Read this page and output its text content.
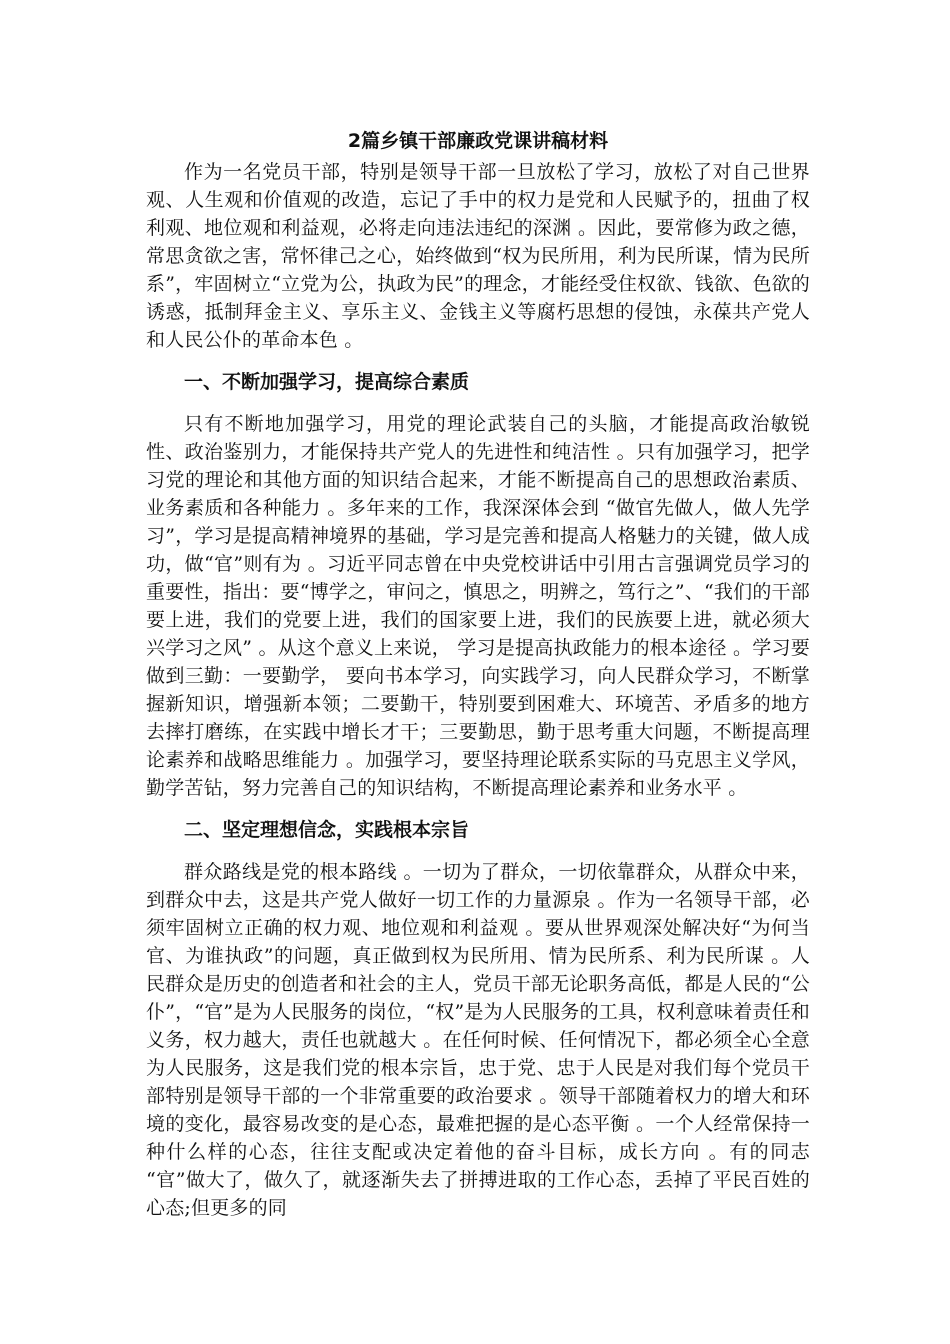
2篇乡镇干部廉政党课讲稿材料

作为一名党员干部，特别是领导干部一旦放松了学习，放松了对自己世界观、人生观和价值观的改造，忘记了手中的权力是党和人民赋予的，扭曲了权利观、地位观和利益观，必将走向违法违纪的深渊 。因此，要常修为政之德，常思贪欲之害，常怀律己之心，始终做到“权为民所用，利为民所谋，情为民所系”，牢固树立“立党为公，执政为民”的理念，才能经受住权欲、钱欲、色欲的诱惑，抵制拜金主义、享乐主义、金钱主义等腐朽思想的侵蚀，永葆共产党人和人民公仆的革命本色 。

一、不断加强学习，提高综合素质

只有不断地加强学习，用党的理论武装自己的头脑，才能提高政治敏锐性、政治鉴别力，才能保持共产党人的先进性和纯洁性 。只有加强学习，把学习党的理论和其他方面的知识结合起来，才能不断提高自己的思想政治素质、业务素质和各种能力 。多年来的工作，我深深体会到 “做官先做人，做人先学习”，学习是提高精神境界的基础，学习是完善和提高人格魅力的关键，做人成功，做“官”则有为 。习近平同志曾在中央党校讲话中引用古言强调党员学习的重要性，指出：要“博学之，审问之，慎思之，明辨之，笃行之”、“我们的干部要上进，我们的党要上进，我们的国家要上进，我们的民族要上进，就必须大兴学习之风” 。从这个意义上来说， 学习是提高执政能力的根本途径 。学习要做到三勤：一要勤学， 要向书本学习，向实践学习，向人民群众学习，不断掌握新知识，增强新本领；二要勤干，特别要到困难大、环境苦、矛盾多的地方去摔打磨练，在实践中增长才干；三要勤思，勤于思考重大问题，不断提高理论素养和战略思维能力 。加强学习，要坚持理论联系实际的马克思主义学风，勤学苦钻，努力完善自己的知识结构，不断提高理论素养和业务水平 。

二、坚定理想信念，实践根本宗旨

群众路线是党的根本路线 。一切为了群众，一切依靠群众，从群众中来，到群众中去，这是共产党人做好一切工作的力量源泉 。作为一名领导干部，必须牢固树立正确的权力观、地位观和利益观 。要从世界观深处解决好“为何当官、为谁执政”的问题，真正做到权为民所用、情为民所系、利为民所谋 。人民群众是历史的创造者和社会的主人，党员干部无论职务高低，都是人民的“公仆”，“官”是为人民服务的岗位，“权”是为人民服务的工具，权利意味着责任和义务，权力越大，责任也就越大 。在任何时候、任何情况下，都必须全心全意为人民服务，这是我们党的根本宗旨，忠于党、忠于人民是对我们每个党员干部特别是领导干部的一个非常重要的政治要求 。领导干部随着权力的增大和环境的变化，最容易改变的是心态，最难把握的是心态平衡 。一个人经常保持一种什么样的心态，往往支配或决定着他的奋斗目标，成长方向 。有的同志 “官”做大了，做久了，就逐渐失去了拼搏进取的工作心态，丢掉了平民百姓的心态;但更多的同
